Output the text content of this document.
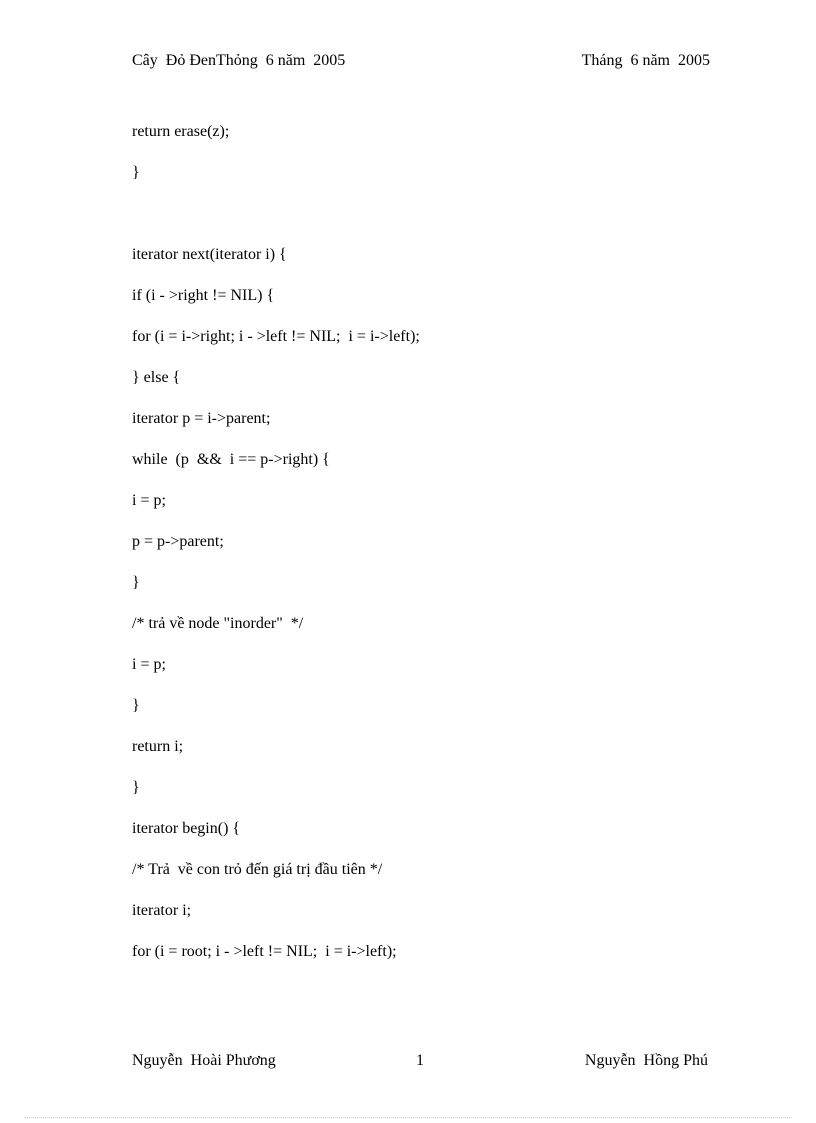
Cây  Đỏ ĐenThỏng  6 năm  2005	Tháng  6 năm  2005
return erase(z);
}
iterator next(iterator i) {
if (i - >right != NIL) {
for (i = i->right; i - >left != NIL;  i = i->left);
} else {
iterator p = i->parent;
while  (p  &&  i == p->right) {
i = p;
p = p->parent;
}
/* trả về node "inorder"  */
i = p;
}
return i;
}
iterator begin() {
/* Trả  về con trỏ đến giá trị đầu tiên */
iterator i;
for (i = root; i - >left != NIL;  i = i->left);
Nguyễn  Hoài Phương	1	Nguyễn  Hồng Phú
